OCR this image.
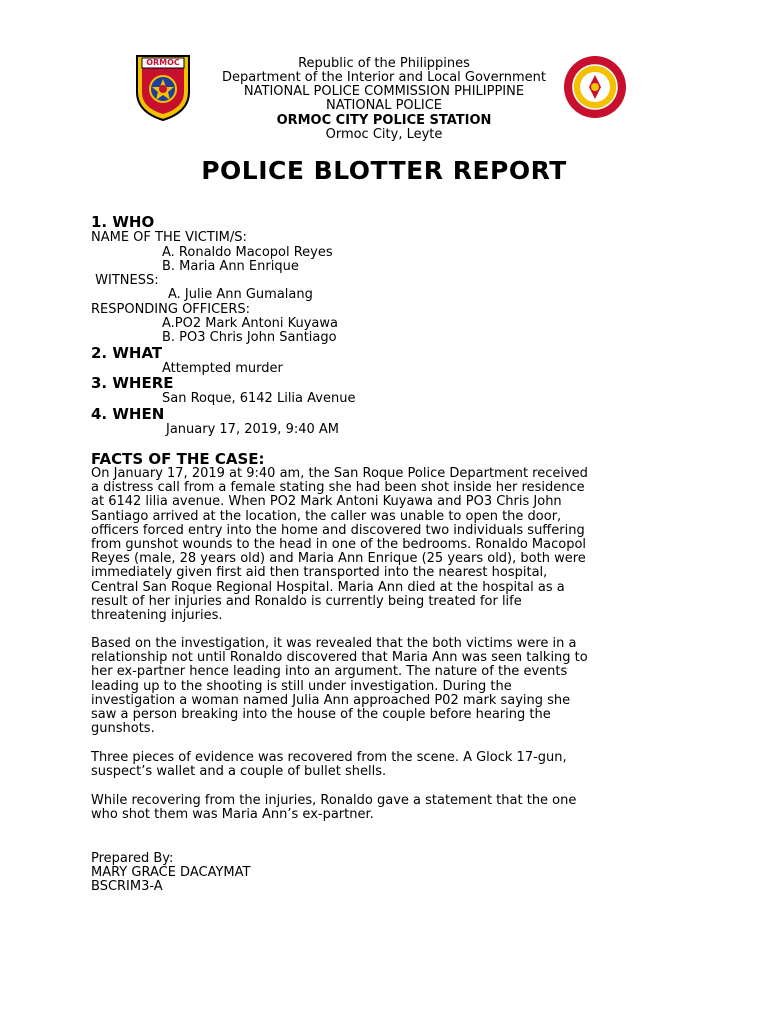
ORMOC	Republic of the Philippines
Department of the Interior and Local Government
NATIONAL POLICE COMMISSION PHILIPPINE
NATIONAL POLICE
ORMOC CITY POLICE STATION
Ormoc City, Leyte
POLICE BLOTTER REPORT
1. WHO
NAME OF THE VICTIM/S:
A. Ronaldo Macopol Reyes
B. Maria Ann Enrique
WITNESS:
A. Julie Ann Gumalang
RESPONDING OFFICERS:
A.PO2 Mark Antoni Kuyawa
B. PO3 Chris John Santiago
2. WHAT
Attempted murder
3. WHERE
San Roque, 6142 Lilia Avenue
4. WHEN
January 17, 2019, 9:40 AM
FACTS OF THE CASE:

On January 17, 2019 at 9:40 am, the San Roque Police Department received

a distress call from a female stating she had been shot inside her residence

at 6142 lilia avenue. When PO2 Mark Antoni Kuyawa and PO3 Chris John

Santiago arrived at the location, the caller was unable to open the door,

officers forced entry into the home and discovered two individuals suffering

from gunshot wounds to the head in one of the bedrooms. Ronaldo Macopol

Reyes (male, 28 years old) and Maria Ann Enrique (25 years old), both were

immediately given first aid then transported into the nearest hospital,

Central San Roque Regional Hospital. Maria Ann died at the hospital as a

result of her injuries and Ronaldo is currently being treated for life

threatening injuries.

Based on the investigation, it was revealed that the both victims were in a

relationship not until Ronaldo discovered that Maria Ann was seen talking to

her ex-partner hence leading into an argument. The nature of the events

leading up to the shooting is still under investigation. During the

investigation a woman named Julia Ann approached P02 mark saying she

saw a person breaking into the house of the couple before hearing the

gunshots.

Three pieces of evidence was recovered from the scene. A Glock 17-gun,

suspect’s wallet and a couple of bullet shells.

While recovering from the injuries, Ronaldo gave a statement that the one

who shot them was Maria Ann’s ex-partner.

Prepared By:
MARY GRACE DACAYMAT
BSCRIM3-A
